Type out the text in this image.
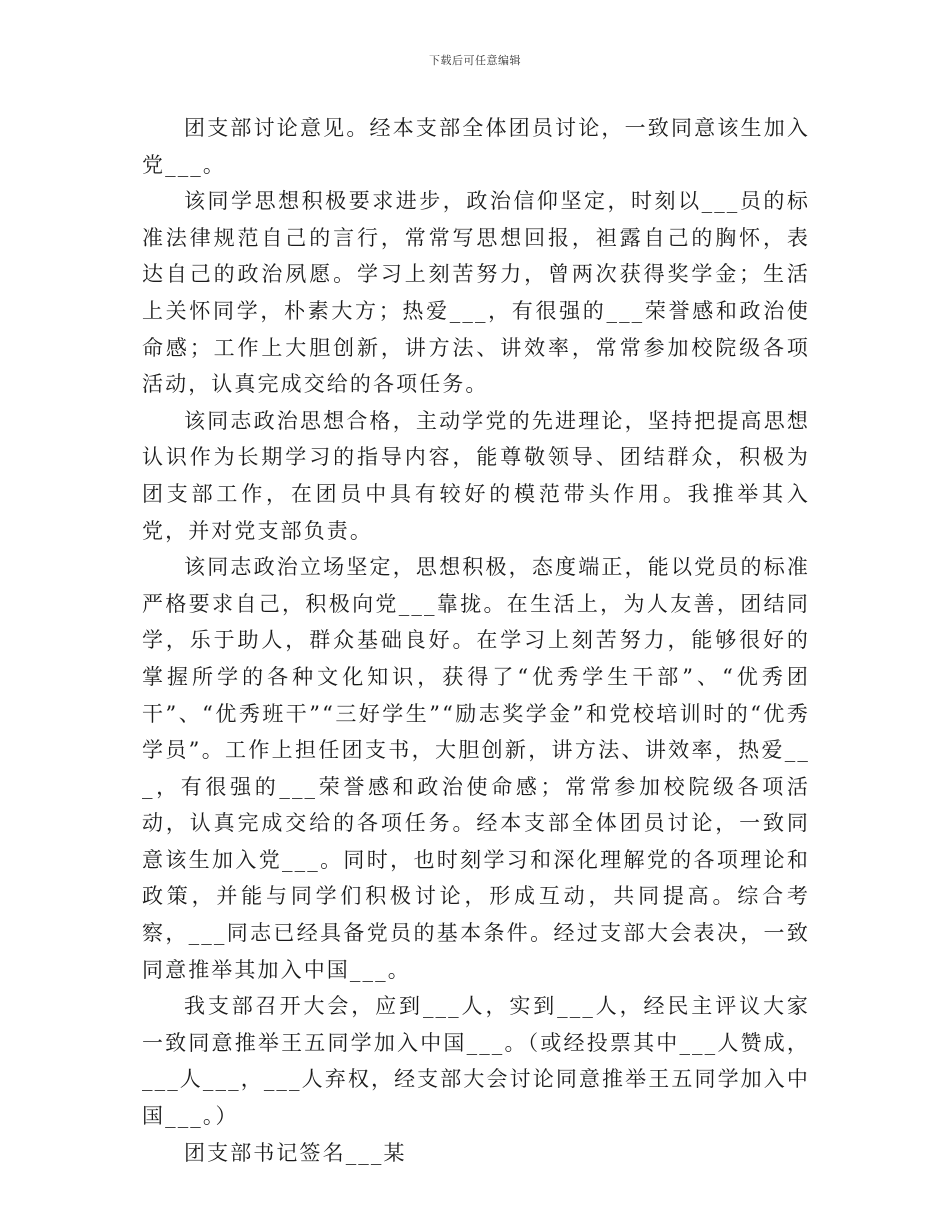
下载后可任意编辑

团支部讨论意见。经本支部全体团员讨论，一致同意该生加入党___。

该同学思想积极要求进步，政治信仰坚定，时刻以___员的标准法律规范自己的言行，常常写思想回报，袒露自己的胸怀，表达自己的政治夙愿。学习上刻苦努力，曾两次获得奖学金；生活上关怀同学，朴素大方；热爱___，有很强的___荣誉感和政治使命感；工作上大胆创新，讲方法、讲效率，常常参加校院级各项活动，认真完成交给的各项任务。

该同志政治思想合格，主动学党的先进理论，坚持把提高思想认识作为长期学习的指导内容，能尊敬领导、团结群众，积极为团支部工作，在团员中具有较好的模范带头作用。我推举其入党，并对党支部负责。

该同志政治立场坚定，思想积极，态度端正，能以党员的标准严格要求自己，积极向党___靠拢。在生活上，为人友善，团结同学，乐于助人，群众基础良好。在学习上刻苦努力，能够很好的掌握所学的各种文化知识，获得了“优秀学生干部”、“优秀团干”、“优秀班干”“三好学生”“励志奖学金”和党校培训时的“优秀学员”。工作上担任团支书，大胆创新，讲方法、讲效率，热爱___，有很强的___荣誉感和政治使命感；常常参加校院级各项活动，认真完成交给的各项任务。经本支部全体团员讨论，一致同意该生加入党___。同时，也时刻学习和深化理解党的各项理论和政策，并能与同学们积极讨论，形成互动，共同提高。综合考察，___同志已经具备党员的基本条件。经过支部大会表决，一致同意推举其加入中国___。

我支部召开大会，应到___人，实到___人，经民主评议大家一致同意推举王五同学加入中国___。（或经投票其中___人赞成，___人___，___人弃权，经支部大会讨论同意推举王五同学加入中国___。）

团支部书记签名___某
